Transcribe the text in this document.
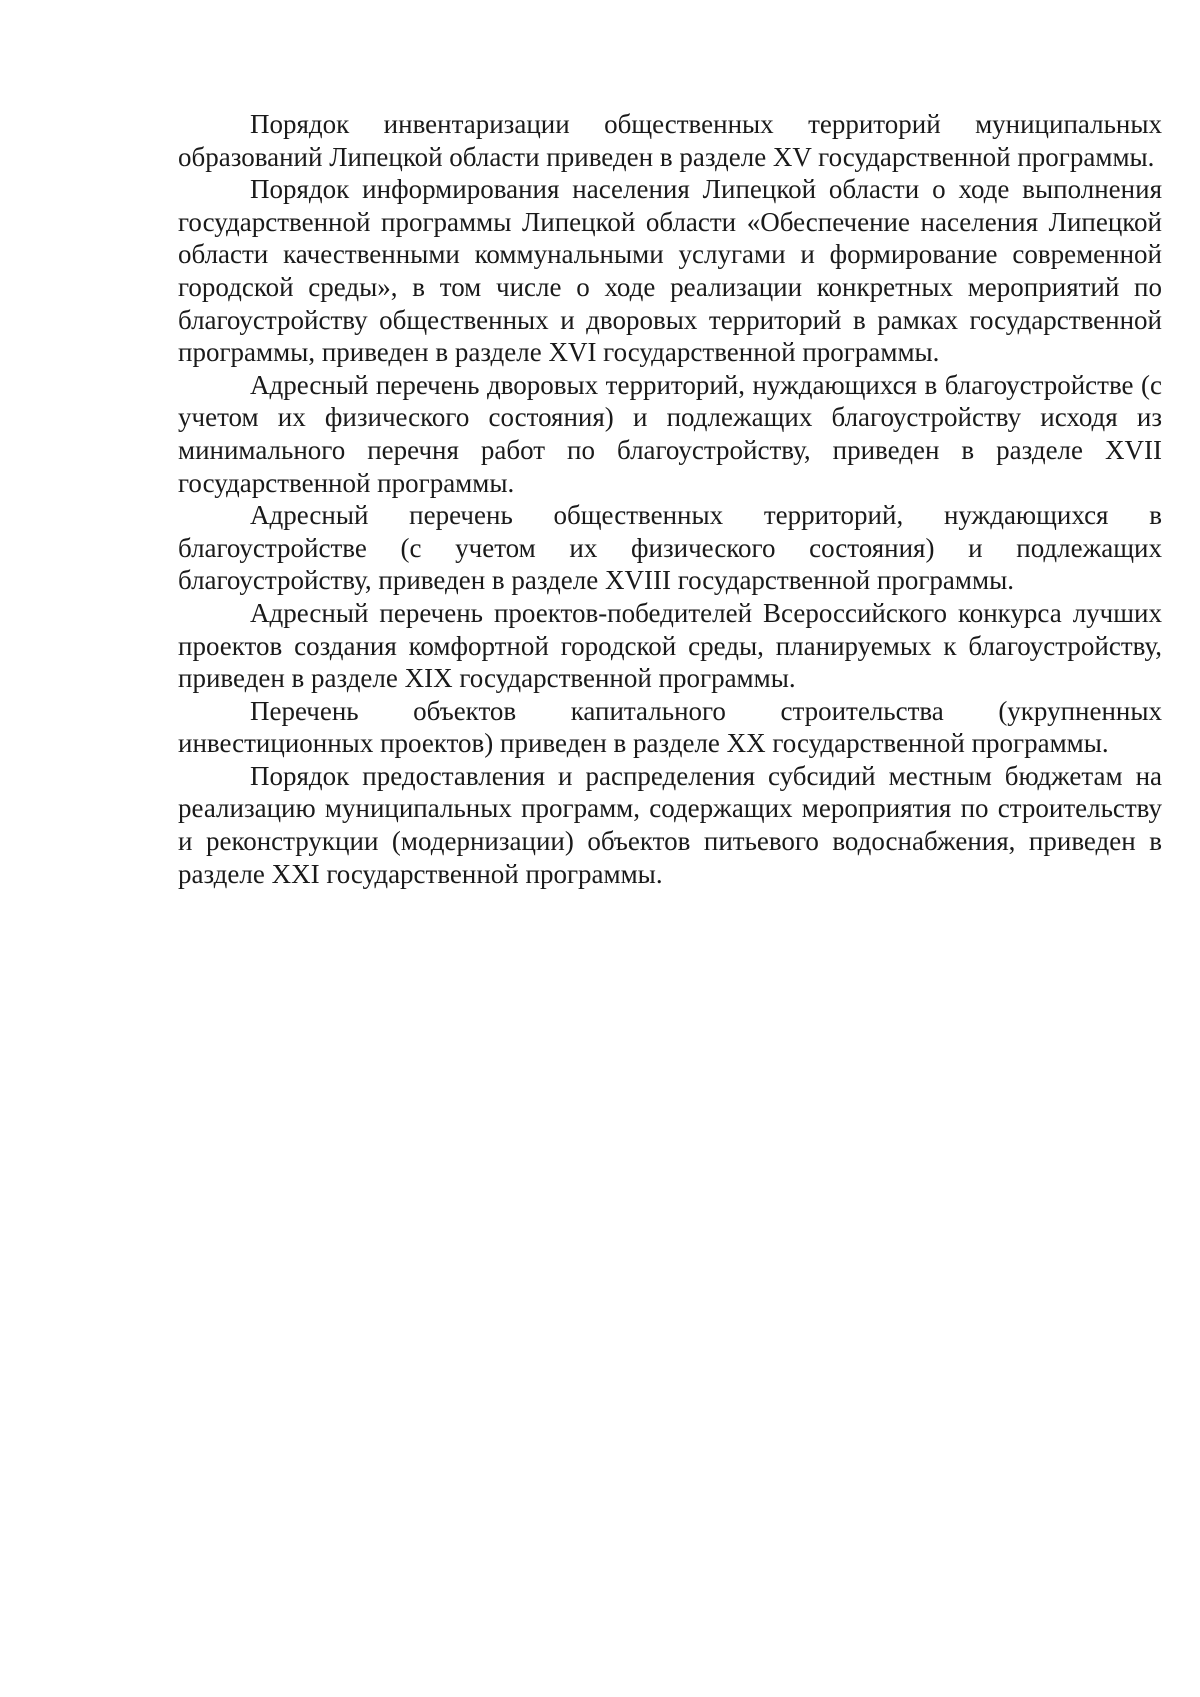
Порядок инвентаризации общественных территорий муниципальных образований Липецкой области приведен в разделе XV государственной программы.

Порядок информирования населения Липецкой области о ходе выполнения государственной программы Липецкой области «Обеспечение населения Липецкой области качественными коммунальными услугами и формирование современной городской среды», в том числе о ходе реализации конкретных мероприятий по благоустройству общественных и дворовых территорий в рамках государственной программы, приведен в разделе XVI государственной программы.

Адресный перечень дворовых территорий, нуждающихся в благоустройстве (с учетом их физического состояния) и подлежащих благоустройству исходя из минимального перечня работ по благоустройству, приведен в разделе XVII государственной программы.

Адресный перечень общественных территорий, нуждающихся в благоустройстве (с учетом их физического состояния) и подлежащих благоустройству, приведен в разделе XVIII государственной программы.

Адресный перечень проектов-победителей Всероссийского конкурса лучших проектов создания комфортной городской среды, планируемых к благоустройству, приведен в разделе XIX государственной программы.

Перечень объектов капитального строительства (укрупненных инвестиционных проектов) приведен в разделе XX государственной программы.

Порядок предоставления и распределения субсидий местным бюджетам на реализацию муниципальных программ, содержащих мероприятия по строительству и реконструкции (модернизации) объектов питьевого водоснабжения, приведен в разделе XXI государственной программы.
